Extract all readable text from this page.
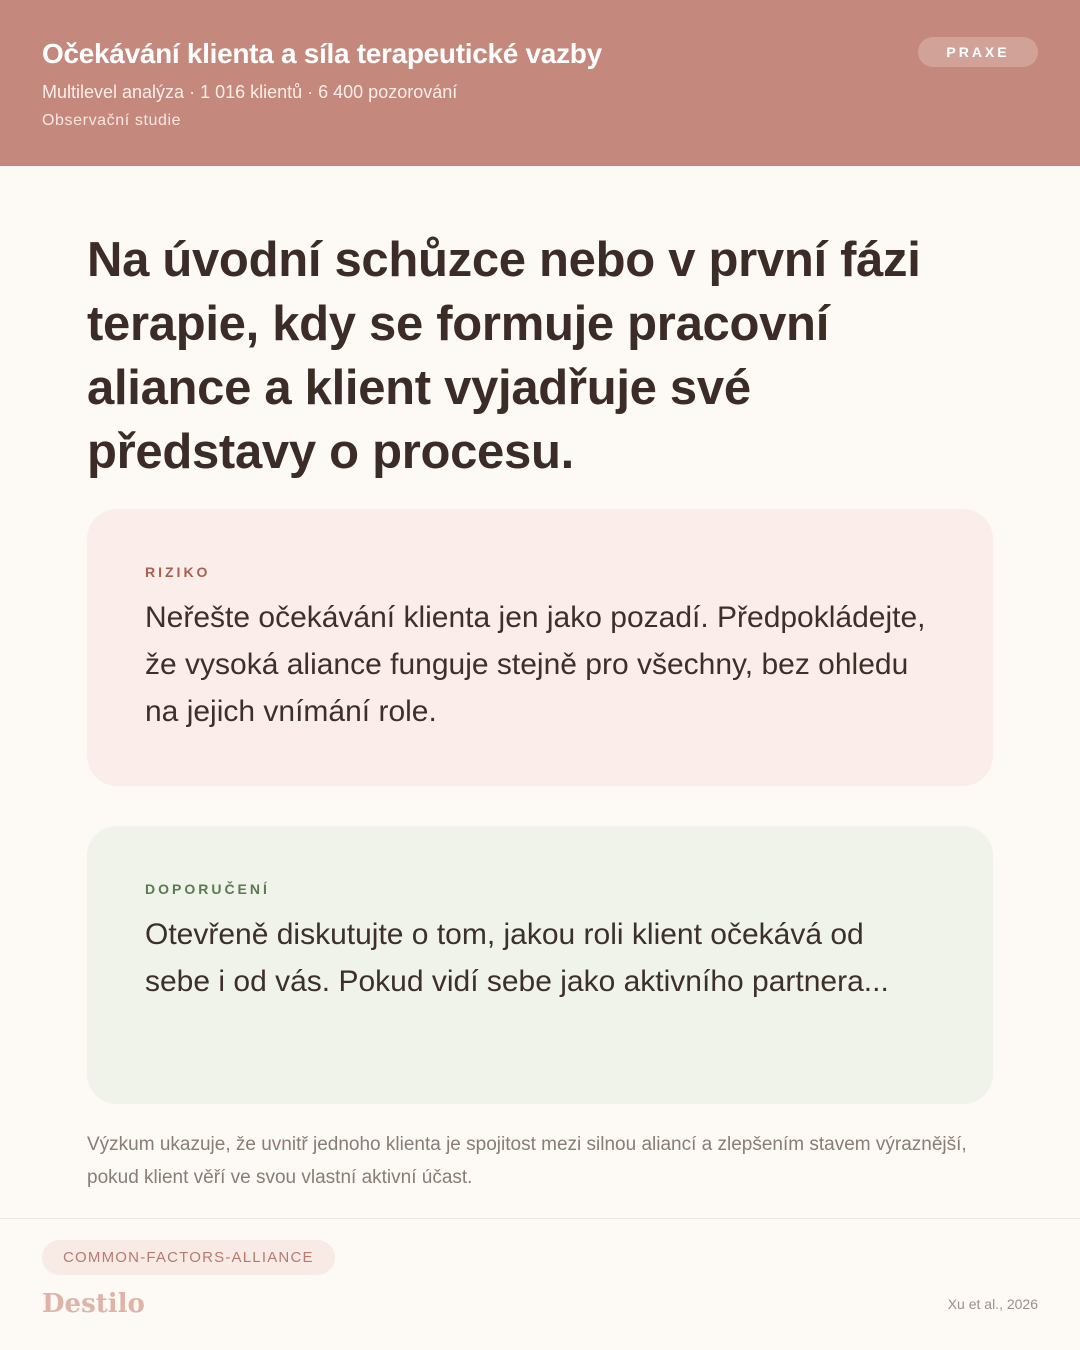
Očekávání klienta a síla terapeutické vazby
Multilevel analýza · 1 016 klientů · 6 400 pozorování
Observační studie
PRAXE
Na úvodní schůzce nebo v první fázi terapie, kdy se formuje pracovní aliance a klient vyjadřuje své představy o procesu.
RIZIKO
Neřešte očekávání klienta jen jako pozadí. Předpokládejte, že vysoká aliance funguje stejně pro všechny, bez ohledu na jejich vnímání role.
DOPORUČENÍ
Otevřeně diskutujte o tom, jakou roli klient očekává od sebe i od vás. Pokud vidí sebe jako aktivního partnera...
Výzkum ukazuje, že uvnitř jednoho klienta je spojitost mezi silnou aliancí a zlepšením stavem výraznější, pokud klient věří ve svou vlastní aktivní účast.
COMMON-FACTORS-ALLIANCE
Destilo	Xu et al., 2026
